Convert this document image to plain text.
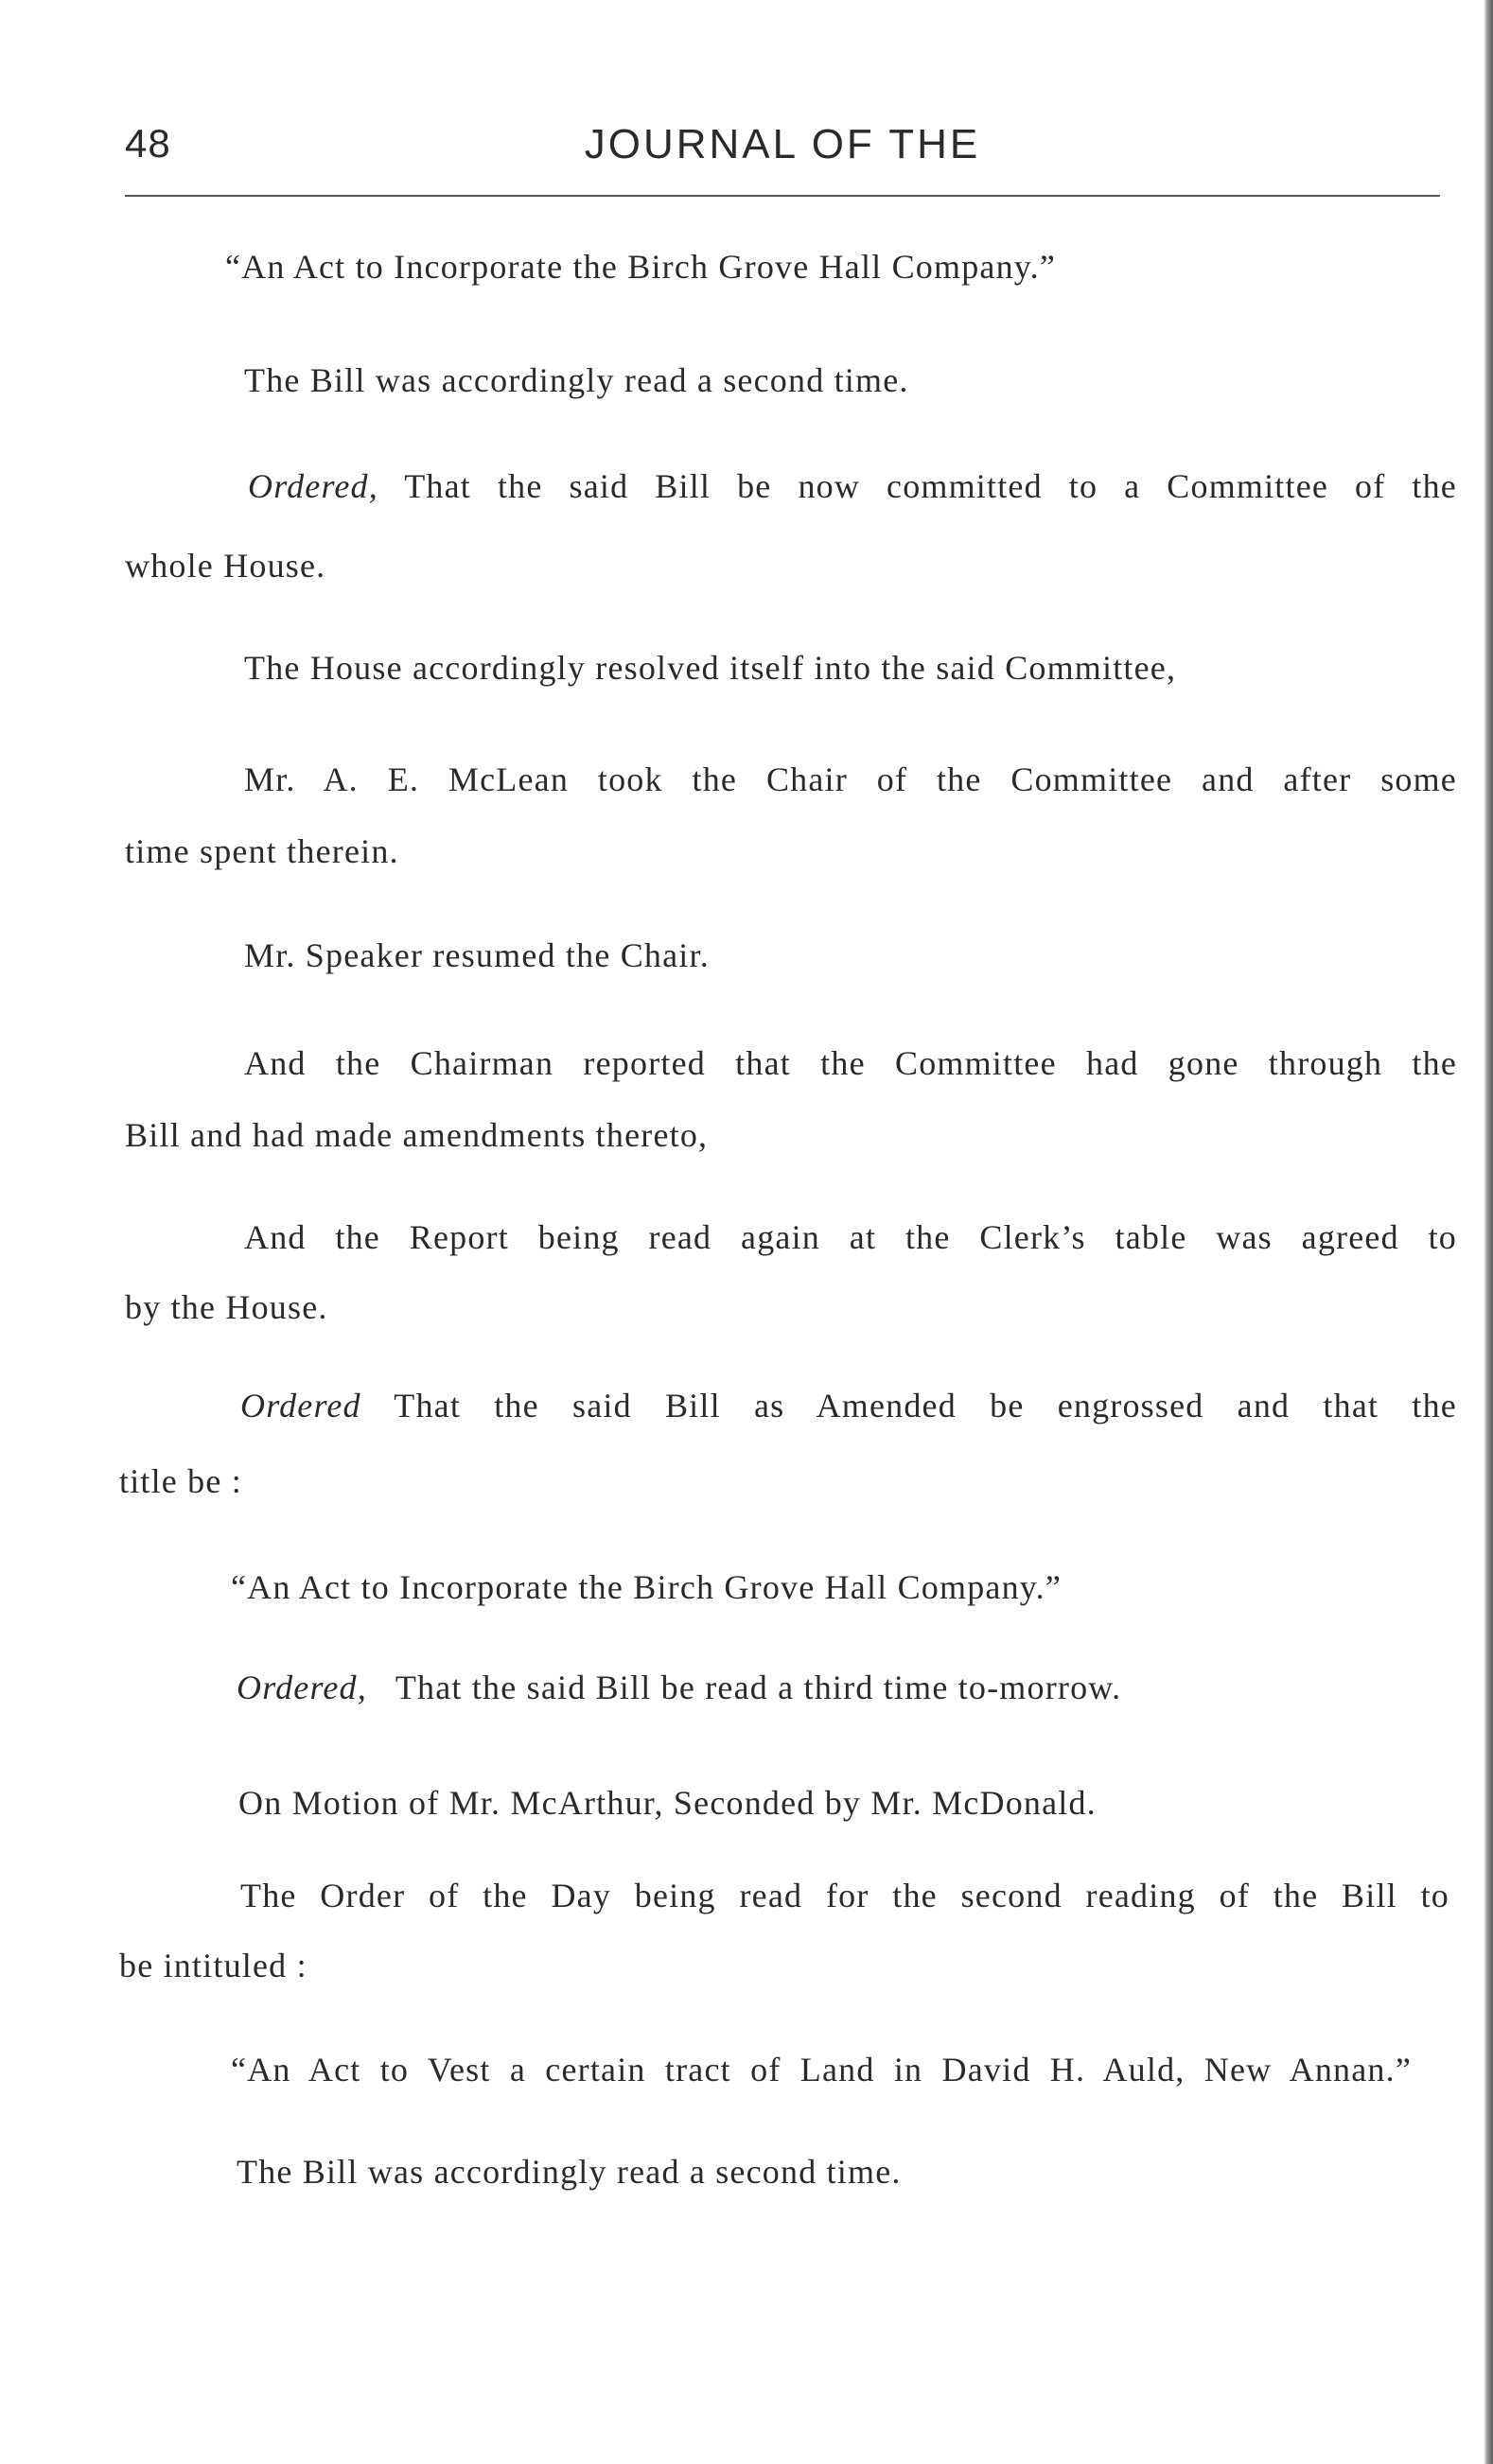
48	JOURNAL OF THE
“An Act to Incorporate the Birch Grove Hall Company.”
The Bill was accordingly read a second time.
Ordered, That the said Bill be now committed to a Committee of the
whole House.
The House accordingly resolved itself into the said Committee,
Mr. A. E. McLean took the Chair of the Committee and after some
time spent therein.
Mr. Speaker resumed the Chair.
And the Chairman reported that the Committee had gone through the
Bill and had made amendments thereto,
And the Report being read again at the Clerk’s table was agreed to
by the House.
Ordered That the said Bill as Amended be engrossed and that the
title be :
“An Act to Incorporate the Birch Grove Hall Company.”
Ordered, That the said Bill be read a third time to-morrow.
On Motion of Mr. McArthur, Seconded by Mr. McDonald.
The Order of the Day being read for the second reading of the Bill to
be intituled :
“An Act to Vest a certain tract of Land in David H. Auld, New Annan.”
The Bill was accordingly read a second time.
